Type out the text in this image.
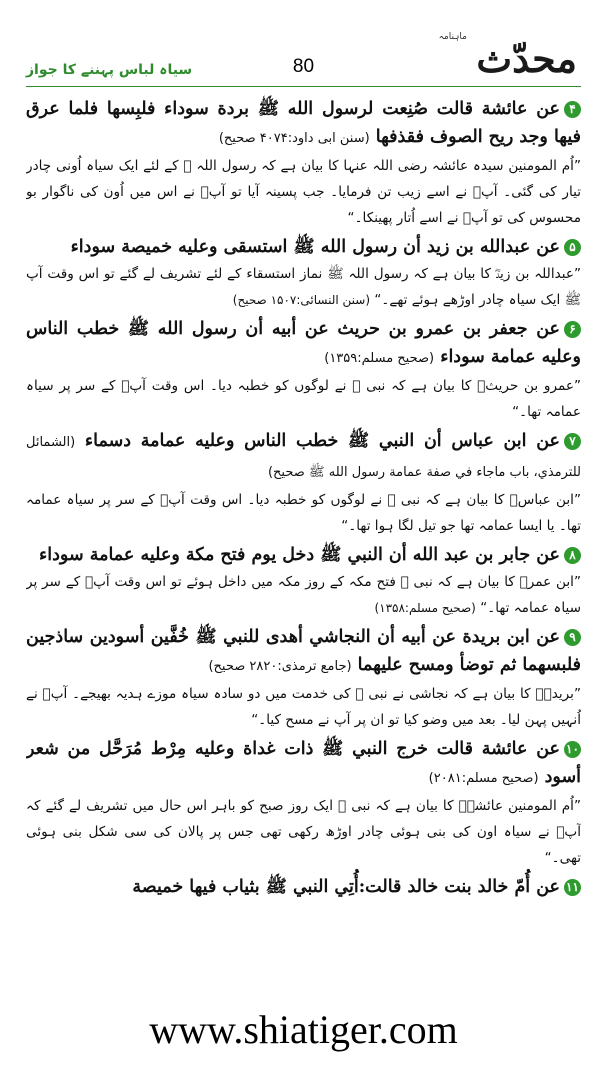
ماہنامہ محدّث
80
سیاہ لباس پہننے کا جواز

۴عن عائشة قالت صُنِعت لرسول الله ﷺ بردة سوداء فلبِسها فلما عرق فيها وجد ريح الصوف فقذفها (سنن ابی داود:۴۰۷۴ صحیح)

”اُم المومنین سیدہ عائشہ رضی اللہ عنہا کا بیان ہے کہ رسول اللہ ﷺ کے لئے ایک سیاہ اُونی چادر تیار کی گئی۔ آپؐ نے اسے زیب تن فرمایا۔ جب پسینہ آیا تو آپؐ نے اس میں اُون کی ناگوار بو محسوس کی تو آپؐ نے اسے اُتار پھینکا۔“

۵عن عبدالله بن زيد أن رسول الله ﷺ استسقى وعليه خميصة سوداء

”عبداللہ بن زیدؓ کا بیان ہے کہ رسول اللہ ﷺ نماز استسقاء کے لئے تشریف لے گئے تو اس وقت آپ ﷺ ایک سیاہ چادر اوڑھے ہوئے تھے۔“ (سنن النسائی:۱۵۰۷ صحیح)

۶عن جعفر بن عمرو بن حريث عن أبيه أن رسول الله ﷺ خطب الناس وعليه عمامة سوداء (صحیح مسلم:۱۳۵۹)

”عمرو بن حریثؓ کا بیان ہے کہ نبی ﷺ نے لوگوں کو خطبہ دیا۔ اس وقت آپؐ کے سر پر سیاہ عمامہ تھا۔“

۷عن ابن عباس أن النبي ﷺ خطب الناس وعليه عمامة دسماء (الشمائل للترمذي، باب ماجاء في صفة عمامة رسول الله ﷺ صحیح)

”ابن عباسؓ کا بیان ہے کہ نبی ﷺ نے لوگوں کو خطبہ دیا۔ اس وقت آپؐ کے سر پر سیاہ عمامہ تھا۔ یا ایسا عمامہ تھا جو تیل لگا ہوا تھا۔“

۸عن جابر بن عبد الله أن النبي ﷺ دخل يوم فتح مكة وعليه عمامة سوداء

”ابن عمرؓ کا بیان ہے کہ نبی ﷺ فتح مکہ کے روز مکہ میں داخل ہوئے تو اس وقت آپؐ کے سر پر سیاہ عمامہ تھا۔“ (صحیح مسلم:۱۳۵۸)

۹عن ابن بريدة عن أبيه أن النجاشي أهدى للنبي ﷺ خُفَّين أسودين ساذجين فلبسهما ثم توضأ ومسح عليهما (جامع ترمذی:۲۸۲۰ صحیح)

”بریدہؓ کا بیان ہے کہ نجاشی نے نبی ﷺ کی خدمت میں دو سادہ سیاہ موزے ہدیہ بھیجے۔ آپؐ نے اُنہیں پہن لیا۔ بعد میں وضو کیا تو ان پر آپ نے مسح کیا۔“

۱۰عن عائشة قالت خرج النبي ﷺ ذات غداة وعليه مِرْط مُرَحَّل من شعر أسود (صحیح مسلم:۲۰۸۱)

”اُم المومنین عائشہؓ کا بیان ہے کہ نبی ﷺ ایک روز صبح کو باہر اس حال میں تشریف لے گئے کہ آپؐ نے سیاہ اون کی بنی ہوئی چادر اوڑھ رکھی تھی جس پر پالان کی سی شکل بنی ہوئی تھی۔“

۱۱عن أُمّ خالد بنت خالد قالت:أُتِي النبي ﷺ بثياب فيها خميصة

www.shiatiger.com
